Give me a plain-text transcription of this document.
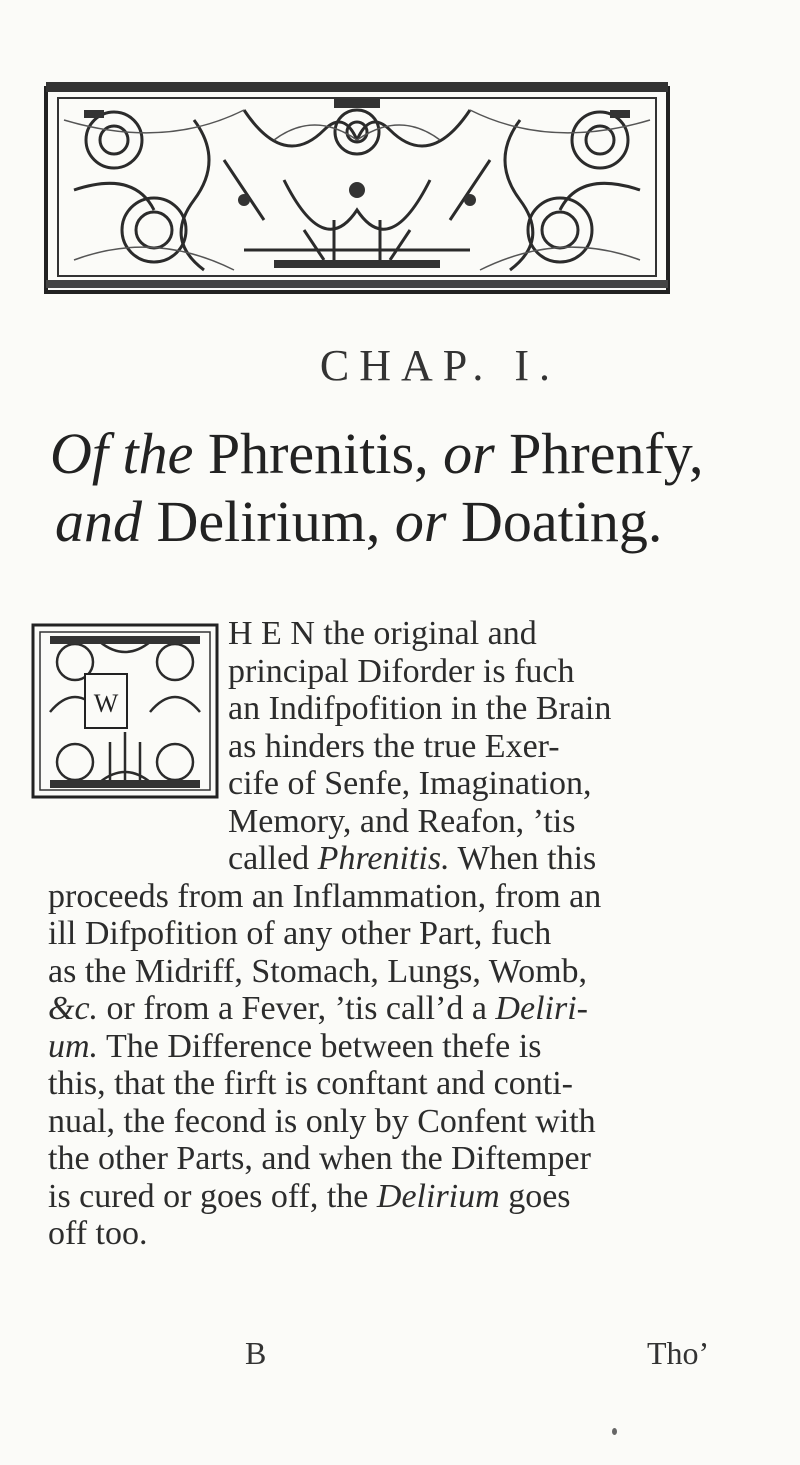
CHAP. I.
Of the Phrenitis, or Phrenfy,
and Delirium, or Doating.
W
H E N the original and
principal Diforder is fuch
an Indifpofition in the Brain
as hinders the true Exer-
cife of Senfe, Imagination,
Memory, and Reafon, ’tis
called Phrenitis. When this
proceeds from an Inflammation, from an
ill Difpofition of any other Part, fuch
as the Midriff, Stomach, Lungs, Womb,
&c. or from a Fever, ’tis call’d a Deliri-
um. The Difference between thefe is
this, that the firft is conftant and conti-
nual, the fecond is only by Confent with
the other Parts, and when the Diftemper
is cured or goes off, the Delirium goes
off too.
B	Tho’
